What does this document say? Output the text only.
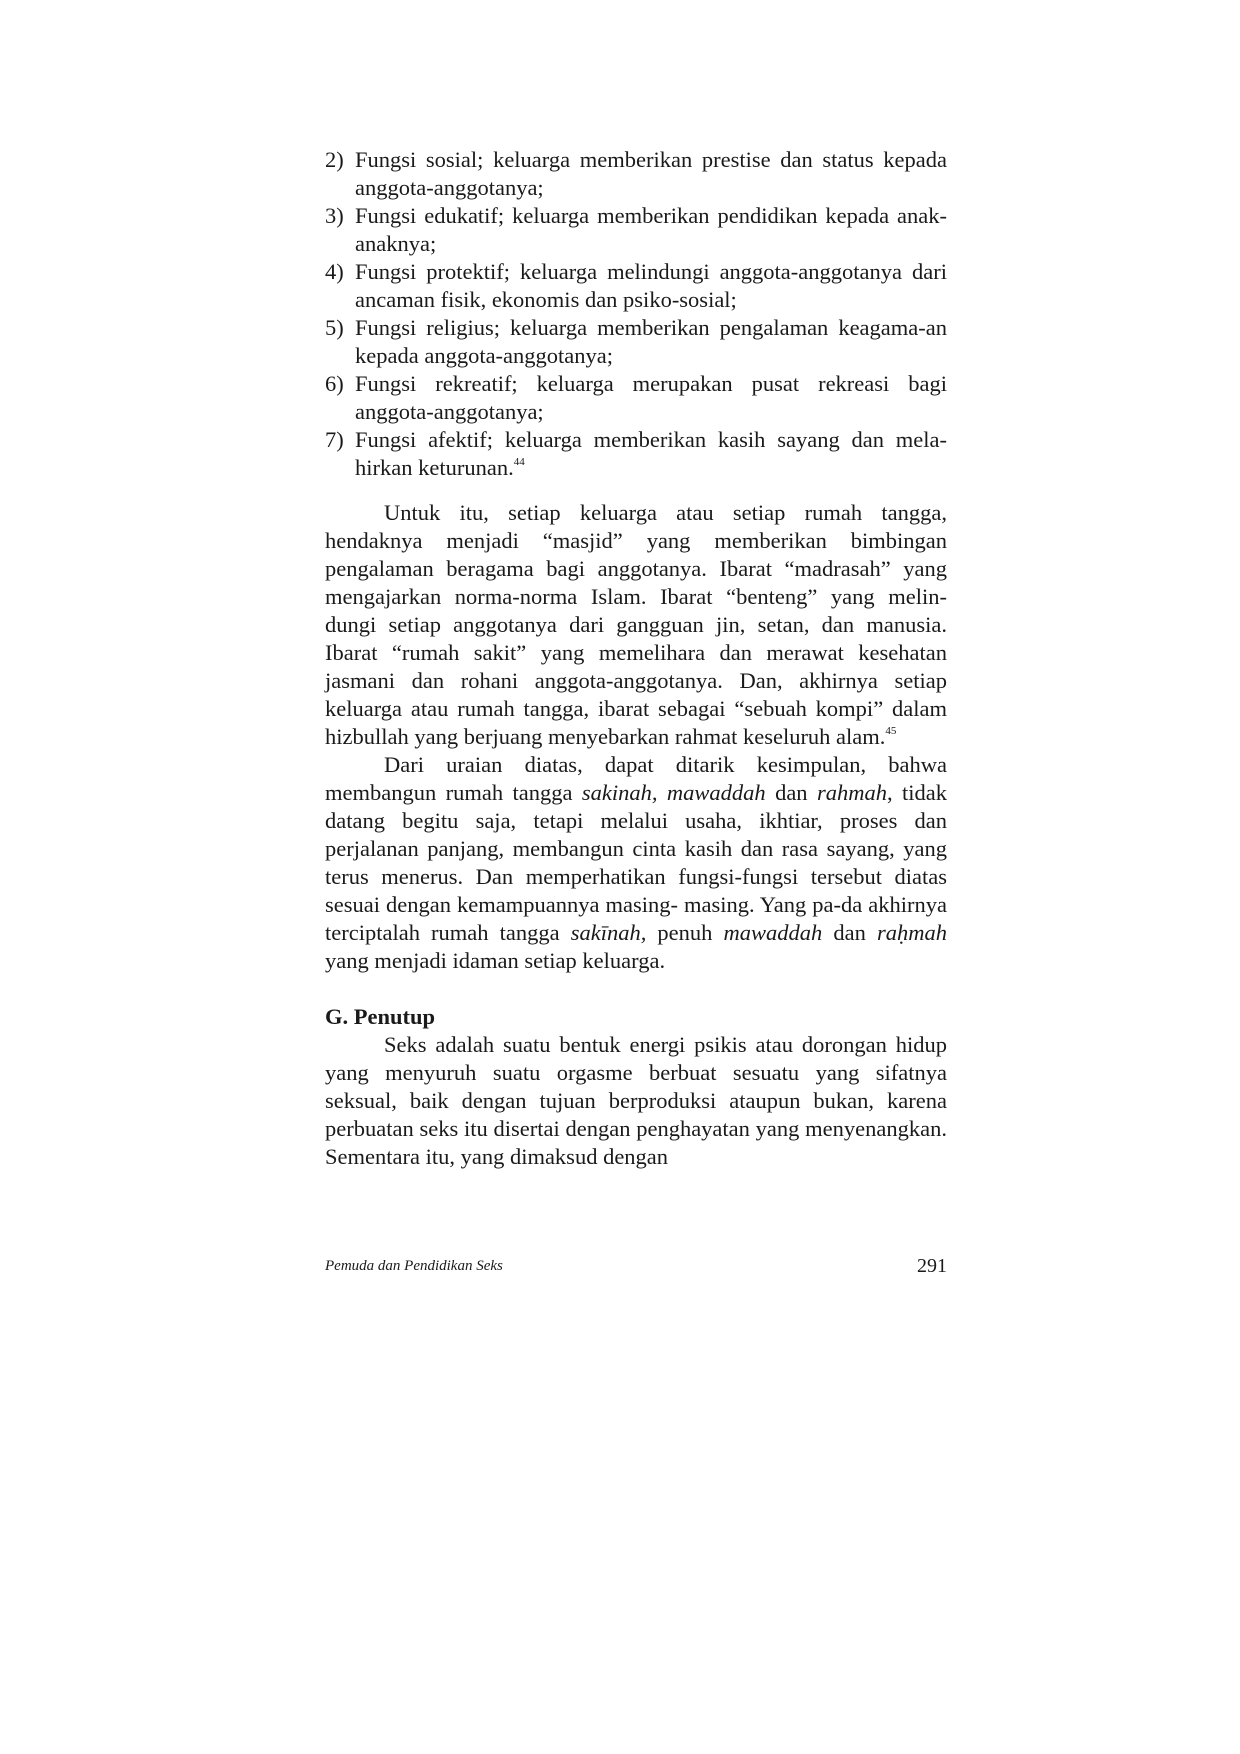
2) Fungsi sosial; keluarga memberikan prestise dan status kepada anggota-anggotanya;
3) Fungsi edukatif; keluarga memberikan pendidikan kepada anak-anaknya;
4) Fungsi protektif; keluarga melindungi anggota-anggotanya dari ancaman fisik, ekonomis dan psiko-sosial;
5) Fungsi religius; keluarga memberikan pengalaman keagama-an kepada anggota-anggotanya;
6) Fungsi rekreatif; keluarga merupakan pusat rekreasi bagi anggota-anggotanya;
7) Fungsi afektif; keluarga memberikan kasih sayang dan mela-hirkan keturunan.$^{44}$

Untuk itu, setiap keluarga atau setiap rumah tangga, hendaknya menjadi “masjid” yang memberikan bimbingan pengalaman beragama bagi anggotanya. Ibarat “madrasah” yang mengajarkan norma-norma Islam. Ibarat “benteng” yang melin-dungi setiap anggotanya dari gangguan jin, setan, dan manusia. Ibarat “rumah sakit” yang memelihara dan merawat kesehatan jasmani dan rohani anggota-anggotanya. Dan, akhirnya setiap keluarga atau rumah tangga, ibarat sebagai “sebuah kompi” dalam hizbullah yang berjuang menyebarkan rahmat keseluruh alam.$^{45}$

Dari uraian diatas, dapat ditarik kesimpulan, bahwa membangun rumah tangga sakinah, mawaddah dan rahmah, tidak datang begitu saja, tetapi melalui usaha, ikhtiar, proses dan perjalanan panjang, membangun cinta kasih dan rasa sayang, yang terus menerus. Dan memperhatikan fungsi-fungsi tersebut diatas sesuai dengan kemampuannya masing- masing. Yang pa-da akhirnya terciptalah rumah tangga sakīnah, penuh mawaddah dan raḥmah yang menjadi idaman setiap keluarga.

G. Penutup

Seks adalah suatu bentuk energi psikis atau dorongan hidup yang menyuruh suatu orgasme berbuat sesuatu yang sifatnya seksual, baik dengan tujuan berproduksi ataupun bukan, karena perbuatan seks itu disertai dengan penghayatan yang menyenangkan. Sementara itu, yang dimaksud dengan

Pemuda dan Pendidikan Seks	291
